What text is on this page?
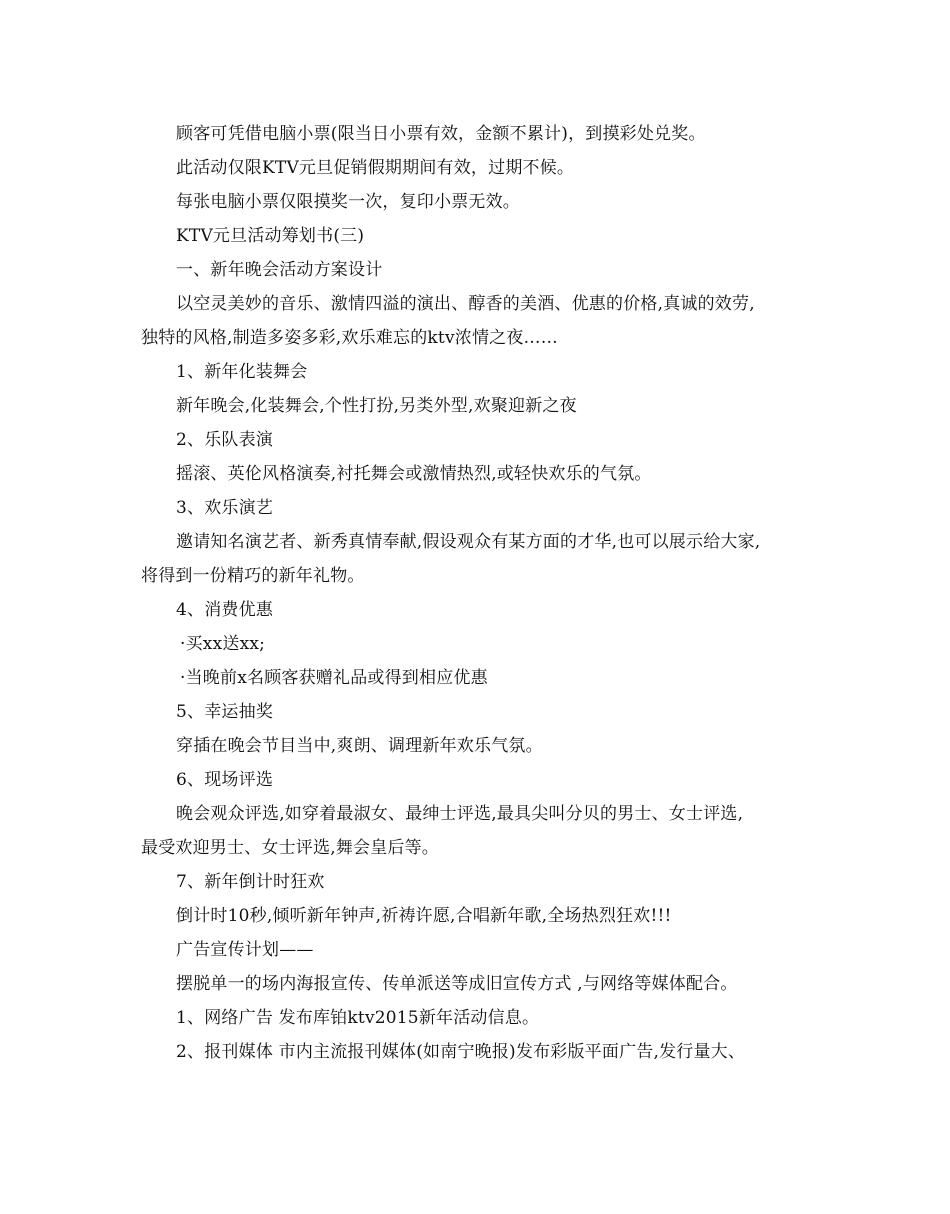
顾客可凭借电脑小票(限当日小票有效，金额不累计)，到摸彩处兑奖。
此活动仅限KTV元旦促销假期期间有效，过期不候。
每张电脑小票仅限摸奖一次，复印小票无效。
KTV元旦活动筹划书(三)
一、新年晚会活动方案设计
以空灵美妙的音乐、激情四溢的演出、醇香的美酒、优惠的价格,真诚的效劳,
独特的风格,制造多姿多彩,欢乐难忘的ktv浓情之夜……
1、新年化装舞会
新年晚会,化装舞会,个性打扮,另类外型,欢聚迎新之夜
2、乐队表演
摇滚、英伦风格演奏,衬托舞会或激情热烈,或轻快欢乐的气氛。
3、欢乐演艺
邀请知名演艺者、新秀真情奉献,假设观众有某方面的才华,也可以展示给大家,
将得到一份精巧的新年礼物。
4、消费优惠
·买xx送xx;
·当晚前x名顾客获赠礼品或得到相应优惠
5、幸运抽奖
穿插在晚会节目当中,爽朗、调理新年欢乐气氛。
6、现场评选
晚会观众评选,如穿着最淑女、最绅士评选,最具尖叫分贝的男士、女士评选,
最受欢迎男士、女士评选,舞会皇后等。
7、新年倒计时狂欢
倒计时10秒,倾听新年钟声,祈祷许愿,合唱新年歌,全场热烈狂欢!!!
广告宣传计划——
摆脱单一的场内海报宣传、传单派送等成旧宣传方式 ,与网络等媒体配合。
1、网络广告 发布库铂ktv2015新年活动信息。
2、报刊媒体 市内主流报刊媒体(如南宁晚报)发布彩版平面广告,发行量大、
